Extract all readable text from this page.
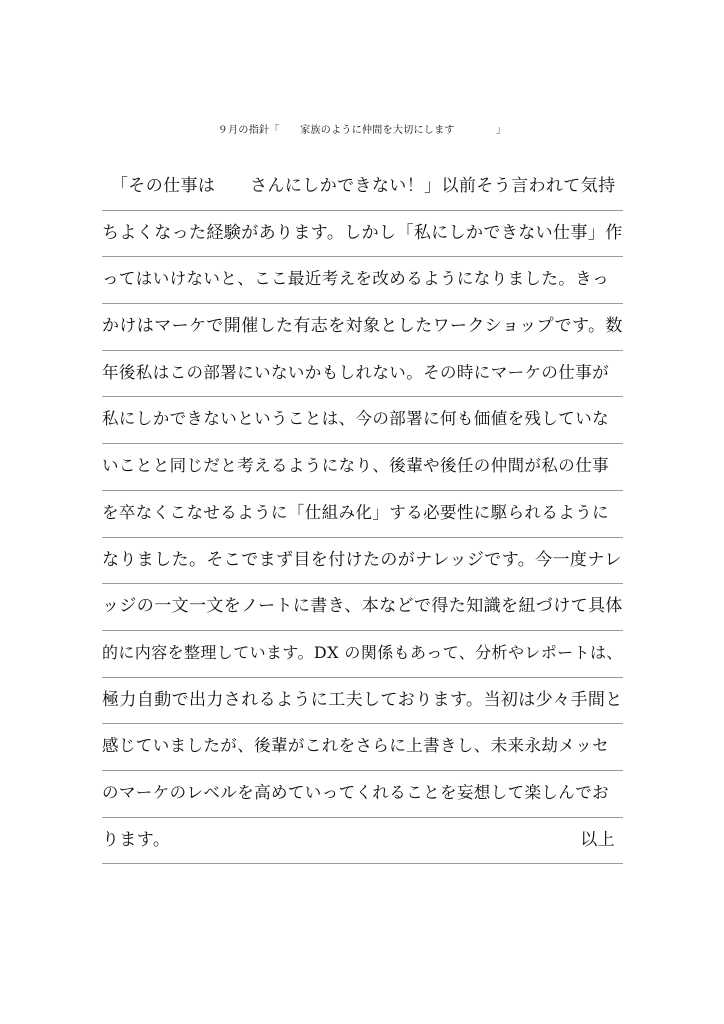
９月の指針「　　家族のように仲間を大切にします　　　　」
　「その仕事は　　さんにしかできない！」以前そう言われて気持
ちよくなった経験があります。しかし「私にしかできない仕事」作
ってはいけないと、ここ最近考えを改めるようになりました。きっ
かけはマーケで開催した有志を対象としたワークショップです。数
年後私はこの部署にいないかもしれない。その時にマーケの仕事が
私にしかできないということは、今の部署に何も価値を残していな
いことと同じだと考えるようになり、後輩や後任の仲間が私の仕事
を卒なくこなせるように「仕組み化」する必要性に駆られるように
なりました。そこでまず目を付けたのがナレッジです。今一度ナレ
ッジの一文一文をノートに書き、本などで得た知識を紐づけて具体
的に内容を整理しています。DX の関係もあって、分析やレポートは、
極力自動で出力されるように工夫しております。当初は少々手間と
感じていましたが、後輩がこれをさらに上書きし、未来永劫メッセ
のマーケのレベルを高めていってくれることを妄想して楽しんでお
ります。	以上
